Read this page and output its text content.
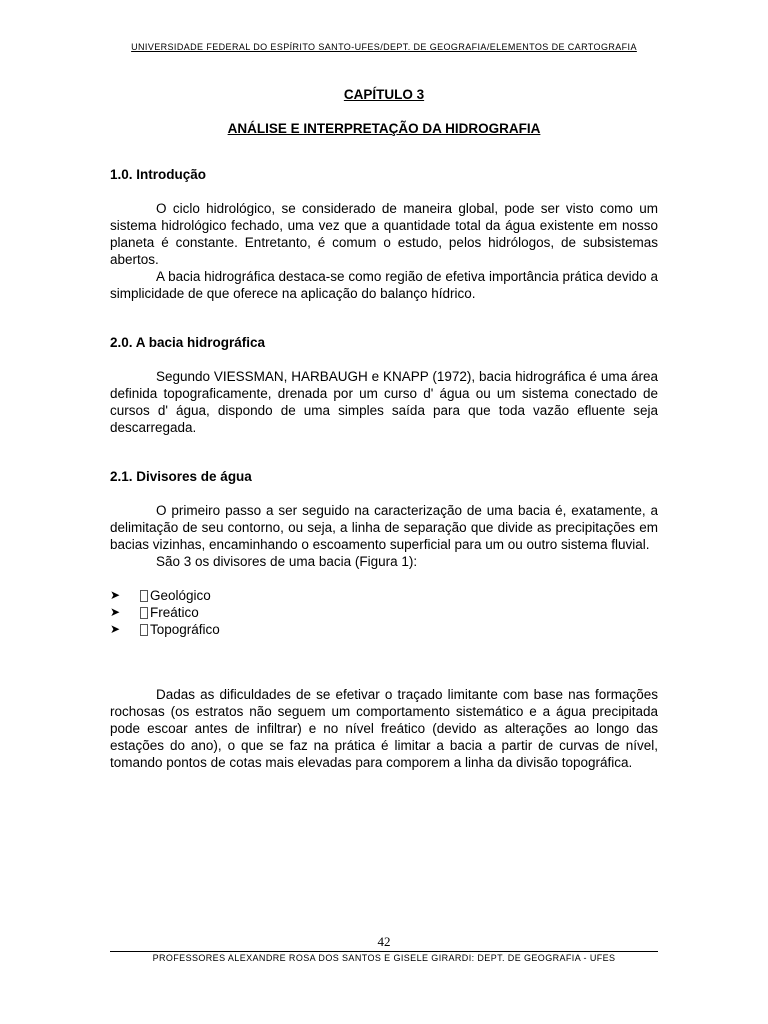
UNIVERSIDADE FEDERAL DO ESPÍRITO SANTO-UFES/DEPT. DE GEOGRAFIA/ELEMENTOS DE CARTOGRAFIA
CAPÍTULO 3
ANÁLISE E INTERPRETAÇÃO DA HIDROGRAFIA
1.0. Introdução

O ciclo hidrológico, se considerado de maneira global, pode ser visto como um sistema hidrológico fechado, uma vez que a quantidade total da água existente em nosso planeta é constante. Entretanto, é comum o estudo, pelos hidrólogos, de subsistemas abertos.

A bacia hidrográfica destaca-se como região de efetiva importância prática devido a simplicidade de que oferece na aplicação do balanço hídrico.

2.0. A bacia hidrográfica

Segundo VIESSMAN, HARBAUGH e KNAPP (1972), bacia hidrográfica é uma área definida topograficamente, drenada por um curso d' água ou um sistema conectado de cursos d' água, dispondo de uma simples saída para que toda vazão efluente seja descarregada.

2.1. Divisores de água

O primeiro passo a ser seguido na caracterização de uma bacia é, exatamente, a delimitação de seu contorno, ou seja, a linha de separação que divide as precipitações em bacias vizinhas, encaminhando o escoamento superficial para um ou outro sistema fluvial.

São 3 os divisores de uma bacia (Figura 1):

➤ Geológico
➤ Freático
➤ Topográfico

Dadas as dificuldades de se efetivar o traçado limitante com base nas formações rochosas (os estratos não seguem um comportamento sistemático e a água precipitada pode escoar antes de infiltrar) e no nível freático (devido as alterações ao longo das estações do ano), o que se faz na prática é limitar a bacia a partir de curvas de nível, tomando pontos de cotas mais elevadas para comporem a linha da divisão topográfica.

42
PROFESSORES ALEXANDRE ROSA DOS SANTOS E GISELE GIRARDI: DEPT. DE GEOGRAFIA - UFES
